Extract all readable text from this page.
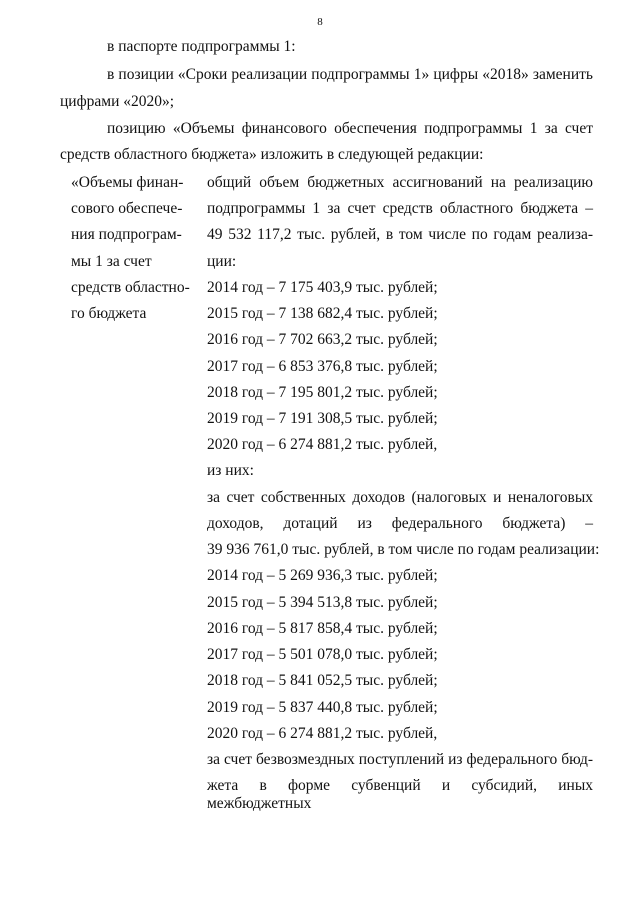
8
в паспорте подпрограммы 1:
в позиции «Сроки реализации подпрограммы 1» цифры «2018» заменить
цифрами «2020»;
позицию «Объемы финансового обеспечения подпрограммы 1 за счет
средств областного бюджета» изложить в следующей редакции:
«Объемы финан-
сового обеспече-
ния подпрограм-
мы 1 за счет
средств областно-
го бюджета
общий объем бюджетных ассигнований на реализацию
подпрограммы 1 за счет средств областного бюджета –
49 532 117,2 тыс. рублей, в том числе по годам реализа-
ции:
2014 год – 7 175 403,9 тыс. рублей;
2015 год – 7 138 682,4 тыс. рублей;
2016 год – 7 702 663,2 тыс. рублей;
2017 год – 6 853 376,8 тыс. рублей;
2018 год – 7 195 801,2 тыс. рублей;
2019 год – 7 191 308,5 тыс. рублей;
2020 год – 6 274 881,2 тыс. рублей,
из них:
за счет собственных доходов (налоговых и неналоговых
доходов, дотаций из федерального бюджета) –
39 936 761,0 тыс. рублей, в том числе по годам реализации:
2014 год – 5 269 936,3 тыс. рублей;
2015 год – 5 394 513,8 тыс. рублей;
2016 год – 5 817 858,4 тыс. рублей;
2017 год – 5 501 078,0 тыс. рублей;
2018 год – 5 841 052,5 тыс. рублей;
2019 год – 5 837 440,8 тыс. рублей;
2020 год – 6 274 881,2 тыс. рублей,
за счет безвозмездных поступлений из федерального бюд-
жета в форме субвенций и субсидий, иных межбюджетных
